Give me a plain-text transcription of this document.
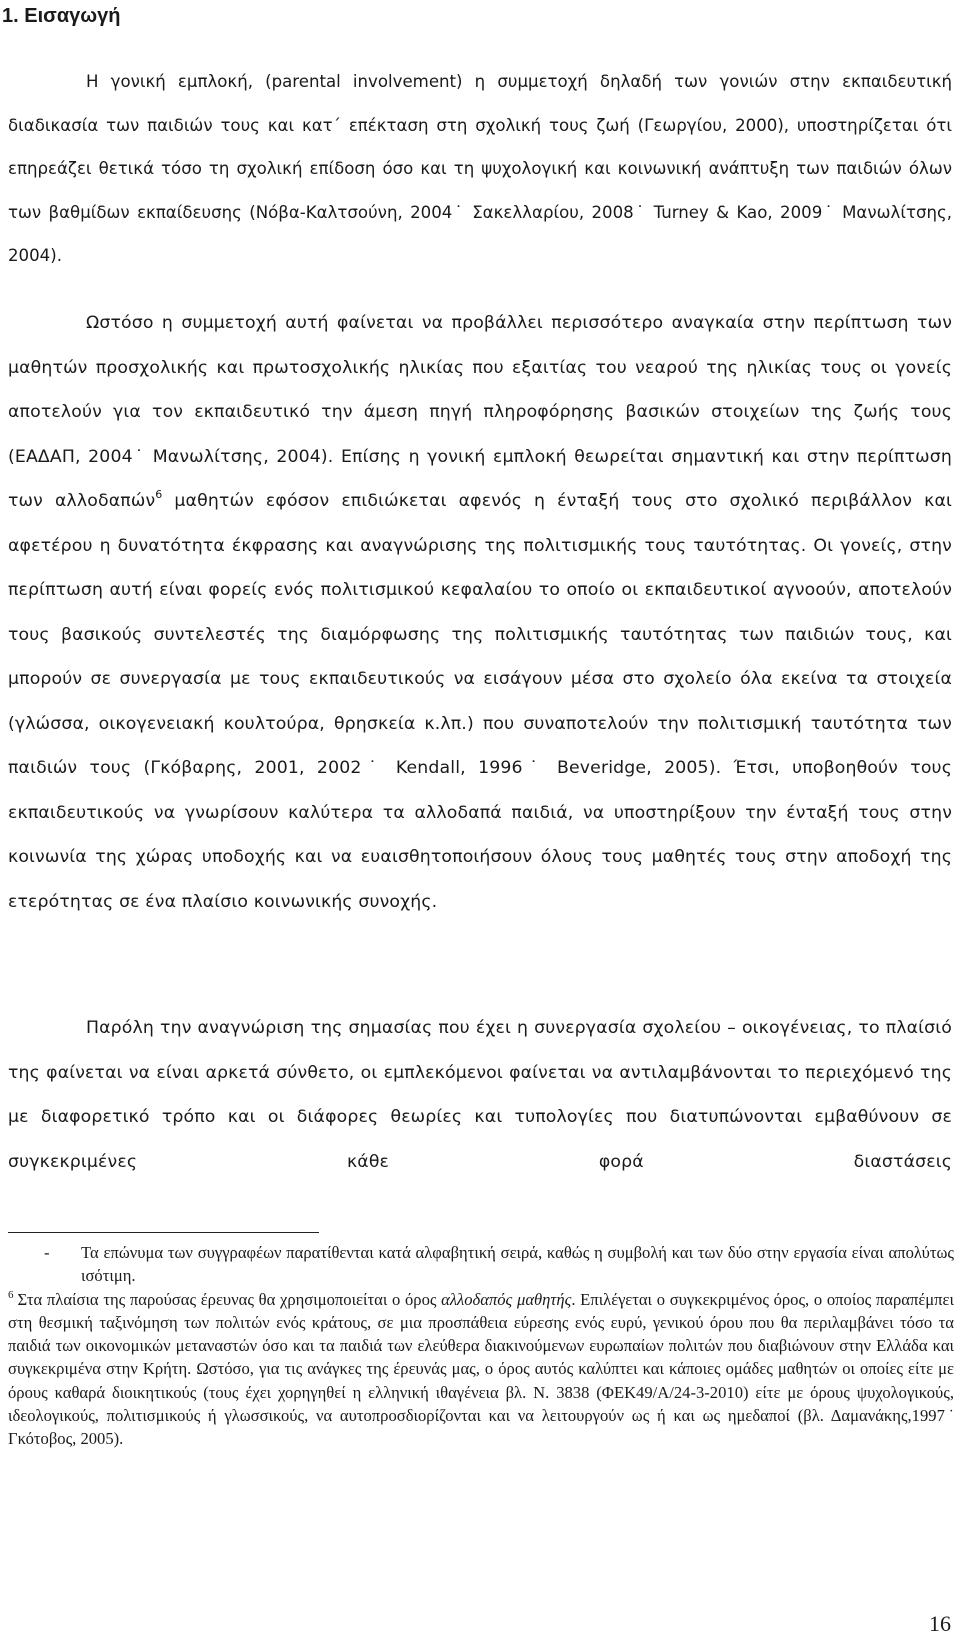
1. Εισαγωγή

Η γονική εμπλοκή, (parental involvement) η συμμετοχή δηλαδή των γονιών στην εκπαιδευτική διαδικασία των παιδιών τους και κατ΄ επέκταση στη σχολική τους ζωή (Γεωργίου, 2000), υποστηρίζεται ότι επηρεάζει θετικά τόσο τη σχολική επίδοση όσο και τη ψυχολογική και κοινωνική ανάπτυξη των παιδιών όλων των βαθμίδων εκπαίδευσης (Νόβα-Καλτσούνη, 2004˙ Σακελλαρίου, 2008˙ Turney & Kao, 2009˙ Μανωλίτσης, 2004).

Ωστόσο η συμμετοχή αυτή φαίνεται να προβάλλει περισσότερο αναγκαία στην περίπτωση των μαθητών προσχολικής και πρωτοσχολικής ηλικίας που εξαιτίας του νεαρού της ηλικίας τους οι γονείς αποτελούν για τον εκπαιδευτικό την άμεση πηγή πληροφόρησης βασικών στοιχείων της ζωής τους (ΕΑΔΑΠ, 2004˙ Μανωλίτσης, 2004). Επίσης η γονική εμπλοκή θεωρείται σημαντική και στην περίπτωση των αλλοδαπών$^6$ μαθητών εφόσον επιδιώκεται αφενός η ένταξή τους στο σχολικό περιβάλλον και αφετέρου η δυνατότητα έκφρασης και αναγνώρισης της πολιτισμικής τους ταυτότητας. Οι γονείς, στην περίπτωση αυτή είναι φορείς ενός πολιτισμικού κεφαλαίου το οποίο οι εκπαιδευτικοί αγνοούν, αποτελούν τους βασικούς συντελεστές της διαμόρφωσης της πολιτισμικής ταυτότητας των παιδιών τους, και μπορούν σε συνεργασία με τους εκπαιδευτικούς να εισάγουν μέσα στο σχολείο όλα εκείνα τα στοιχεία (γλώσσα, οικογενειακή κουλτούρα, θρησκεία κ.λπ.) που συναποτελούν την πολιτισμική ταυτότητα των παιδιών τους (Γκόβαρης, 2001, 2002˙ Kendall, 1996˙ Beveridge, 2005). Έτσι, υποβοηθούν τους εκπαιδευτικούς να γνωρίσουν καλύτερα τα αλλοδαπά παιδιά, να υποστηρίξουν την ένταξή τους στην κοινωνία της χώρας υποδοχής και να ευαισθητοποιήσουν όλους τους μαθητές τους στην αποδοχή της ετερότητας σε ένα πλαίσιο κοινωνικής συνοχής.

Παρόλη την αναγνώριση της σημασίας που έχει η συνεργασία σχολείου – οικογένειας, το πλαίσιό της φαίνεται να είναι αρκετά σύνθετο, οι εμπλεκόμενοι φαίνεται να αντιλαμβάνονται το περιεχόμενό της με διαφορετικό τρόπο και οι διάφορες θεωρίες και τυπολογίες που διατυπώνονται εμβαθύνουν σε συγκεκριμένες κάθε φορά διαστάσεις

- Τα επώνυμα των συγγραφέων παρατίθενται κατά αλφαβητική σειρά, καθώς η συμβολή και των δύο στην εργασία είναι απολύτως ισότιμη.

$^6$ Στα πλαίσια της παρούσας έρευνας θα χρησιμοποιείται ο όρος αλλοδαπός μαθητής. Επιλέγεται ο συγκεκριμένος όρος, ο οποίος παραπέμπει στη θεσμική ταξινόμηση των πολιτών ενός κράτους, σε μια προσπάθεια εύρεσης ενός ευρύ, γενικού όρου που θα περιλαμβάνει τόσο τα παιδιά των οικονομικών μεταναστών όσο και τα παιδιά των ελεύθερα διακινούμενων ευρωπαίων πολιτών που διαβιώνουν στην Ελλάδα και συγκεκριμένα στην Κρήτη. Ωστόσο, για τις ανάγκες της έρευνάς μας, ο όρος αυτός καλύπτει και κάποιες ομάδες μαθητών οι οποίες είτε με όρους καθαρά διοικητικούς (τους έχει χορηγηθεί η ελληνική ιθαγένεια βλ. Ν. 3838 (ΦΕΚ49/Α/24-3-2010) είτε με όρους ψυχολογικούς, ιδεολογικούς, πολιτισμικούς ή γλωσσικούς, να αυτοπροσδιορίζονται και να λειτουργούν ως ή και ως ημεδαποί (βλ. Δαμανάκης,1997˙ Γκότοβος, 2005).

16
